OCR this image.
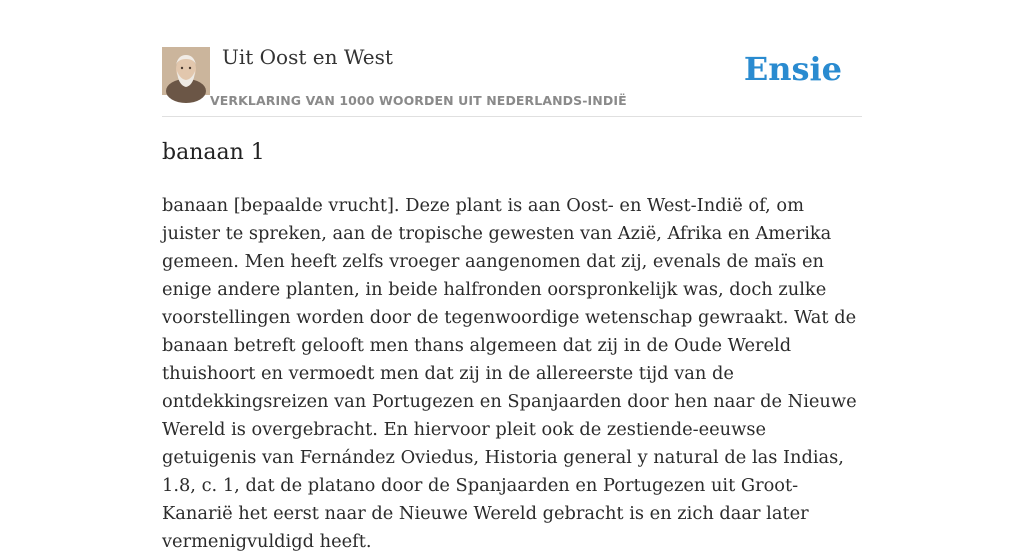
Uit Oost en West
VERKLARING VAN 1000 WOORDEN UIT NEDERLANDS-INDIË
Ensie
banaan 1

banaan [bepaalde vrucht]. Deze plant is aan Oost- en West-Indië of, om juister te spreken, aan de tropische gewesten van Azië, Afrika en Amerika gemeen. Men heeft zelfs vroeger aangenomen dat zij, evenals de maïs en enige andere planten, in beide halfronden oorspronkelijk was, doch zulke voorstellingen worden door de tegenwoordige wetenschap gewraakt. Wat de banaan betreft gelooft men thans algemeen dat zij in de Oude Wereld thuishoort en vermoedt men dat zij in de allereerste tijd van de ontdekkingsreizen van Portugezen en Spanjaarden door hen naar de Nieuwe Wereld is overgebracht. En hiervoor pleit ook de zestiende-eeuwse getuigenis van Fernández Oviedus, Historia general y natural de las Indias, 1.8, c. 1, dat de platano door de Spanjaarden en Portugezen uit Groot-Kanarië het eerst naar de Nieuwe Wereld gebracht is en zich daar later vermenigvuldigd heeft.
